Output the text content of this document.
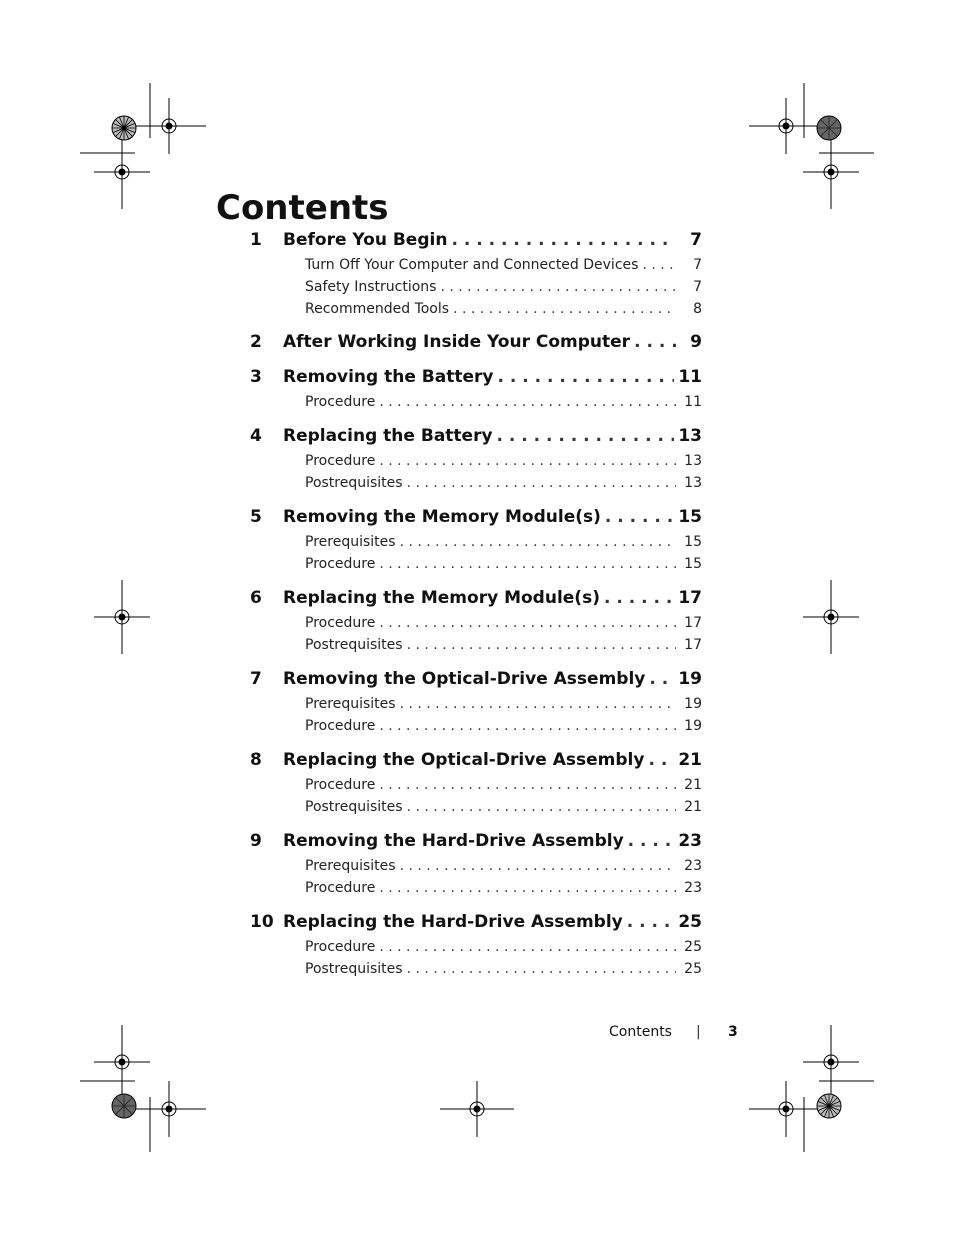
Contents
1	Before You Begin . . .	7
Turn Off Your Computer and Connected Devices . . .	7
Safety Instructions . . .	7
Recommended Tools . . .	8
2	After Working Inside Your Computer . . .	9
3	Removing the Battery . . .	11
Procedure . . .	11
4	Replacing the Battery . . .	13
Procedure . . .	13
Postrequisites . . .	13
5	Removing the Memory Module(s) . . .	15
Prerequisites . . .	15
Procedure . . .	15
6	Replacing the Memory Module(s) . . .	17
Procedure . . .	17
Postrequisites . . .	17
7	Removing the Optical-Drive Assembly . . . 19
Prerequisites . . .	19
Procedure . . .	19
8	Replacing the Optical-Drive Assembly . . . 21
Procedure . . .	21
Postrequisites . . .	21
9	Removing the Hard-Drive Assembly . . .	23
Prerequisites . . .	23
Procedure . . .	23
10 Replacing the Hard-Drive Assembly . . .	25
Procedure . . .	25
Postrequisites . . .	25
Contents | 3
